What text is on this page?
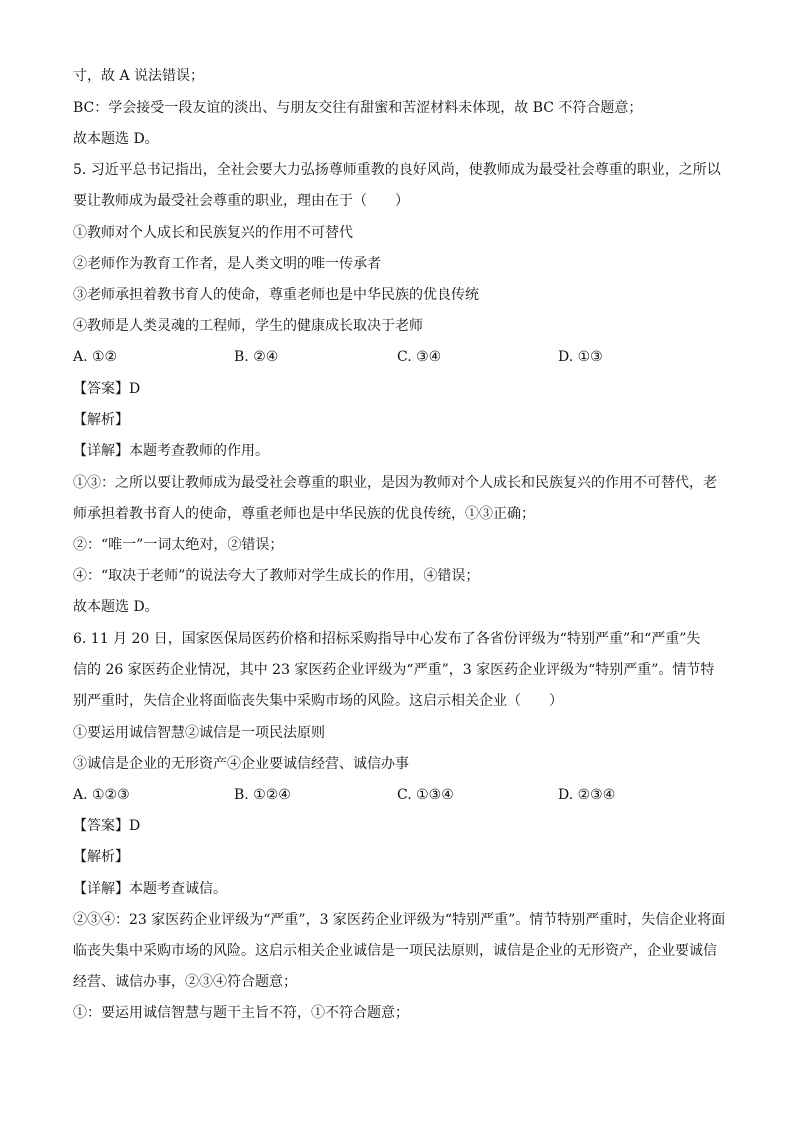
寸，故 A 说法错误；
BC：学会接受一段友谊的淡出、与朋友交往有甜蜜和苦涩材料未体现，故 BC 不符合题意；
故本题选 D。
5. 习近平总书记指出，全社会要大力弘扬尊师重教的良好风尚，使教师成为最受社会尊重的职业，之所以
要让教师成为最受社会尊重的职业，理由在于（　　）
①教师对个人成长和民族复兴的作用不可替代
②老师作为教育工作者，是人类文明的唯一传承者
③老师承担着教书育人的使命，尊重老师也是中华民族的优良传统
④教师是人类灵魂的工程师，学生的健康成长取决于老师
A. ①②	B. ②④	C. ③④	D. ①③
【答案】D
【解析】
【详解】本题考查教师的作用。
①③：之所以要让教师成为最受社会尊重的职业，是因为教师对个人成长和民族复兴的作用不可替代，老
师承担着教书育人的使命，尊重老师也是中华民族的优良传统，①③正确；
②：“唯一”一词太绝对，②错误；
④：“取决于老师”的说法夸大了教师对学生成长的作用，④错误；
故本题选 D。
6. 11 月 20 日，国家医保局医药价格和招标采购指导中心发布了各省份评级为“特别严重”和“严重”失
信的 26 家医药企业情况，其中 23 家医药企业评级为“严重”，3 家医药企业评级为“特别严重”。情节特
别严重时，失信企业将面临丧失集中采购市场的风险。这启示相关企业（　　）
①要运用诚信智慧②诚信是一项民法原则
③诚信是企业的无形资产④企业要诚信经营、诚信办事
A. ①②③	B. ①②④	C. ①③④	D. ②③④
【答案】D
【解析】
【详解】本题考查诚信。
②③④：23 家医药企业评级为“严重”，3 家医药企业评级为“特别严重”。情节特别严重时，失信企业将面
临丧失集中采购市场的风险。这启示相关企业诚信是一项民法原则，诚信是企业的无形资产，企业要诚信
经营、诚信办事，②③④符合题意；
①：要运用诚信智慧与题干主旨不符，①不符合题意；
